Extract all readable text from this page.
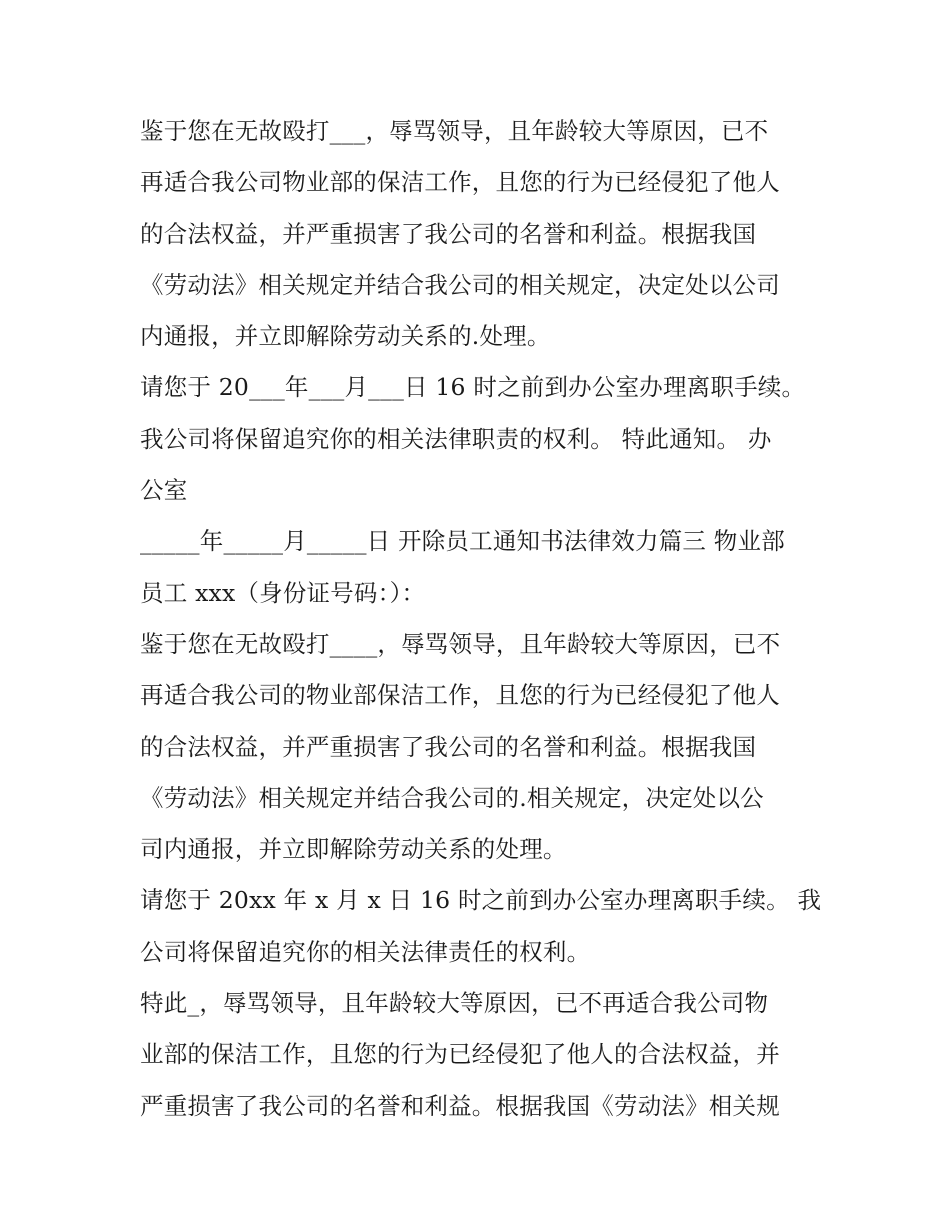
鉴于您在无故殴打___，辱骂领导，且年龄较大等原因，已不
再适合我公司物业部的保洁工作，且您的行为已经侵犯了他人
的合法权益，并严重损害了我公司的名誉和利益。根据我国
《劳动法》相关规定并结合我公司的相关规定，决定处以公司
内通报，并立即解除劳动关系的.处理。
请您于 20___年___月___日 16 时之前到办公室办理离职手续。
我公司将保留追究你的相关法律职责的权利。 特此通知。 办
公室
_____年_____月_____日 开除员工通知书法律效力篇三 物业部
员工 xxx（身份证号码：）：
鉴于您在无故殴打____，辱骂领导，且年龄较大等原因，已不
再适合我公司的物业部保洁工作，且您的行为已经侵犯了他人
的合法权益，并严重损害了我公司的名誉和利益。根据我国
《劳动法》相关规定并结合我公司的.相关规定，决定处以公
司内通报，并立即解除劳动关系的处理。
请您于 20xx 年 x 月 x 日 16 时之前到办公室办理离职手续。 我
公司将保留追究你的相关法律责任的权利。
特此_，辱骂领导，且年龄较大等原因，已不再适合我公司物
业部的保洁工作，且您的行为已经侵犯了他人的合法权益，并
严重损害了我公司的名誉和利益。根据我国《劳动法》相关规
